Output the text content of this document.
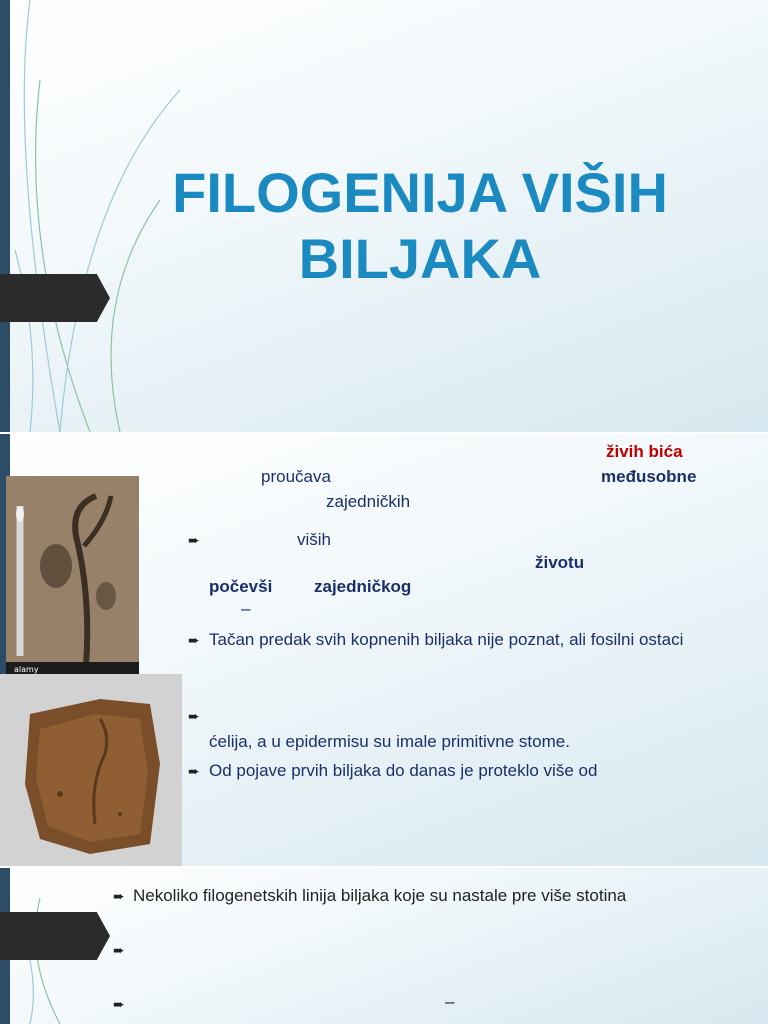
FILOGENIJA VIŠIH BILJAKA
alamy
živih bića
proučava	međusobne
zajedničkih
➨	viših
životu
počevši zajedničkog
–
➨ Tačan predak svih kopnenih biljaka nije poznat, ali fosilni ostaci
➨
ćelija, a u epidermisu su imale primitivne stome.
➨ Od pojave prvih biljaka do danas je proteklo više od
➨ Nekoliko filogenetskih linija biljaka koje su nastale pre više stotina
➨
➨	–
